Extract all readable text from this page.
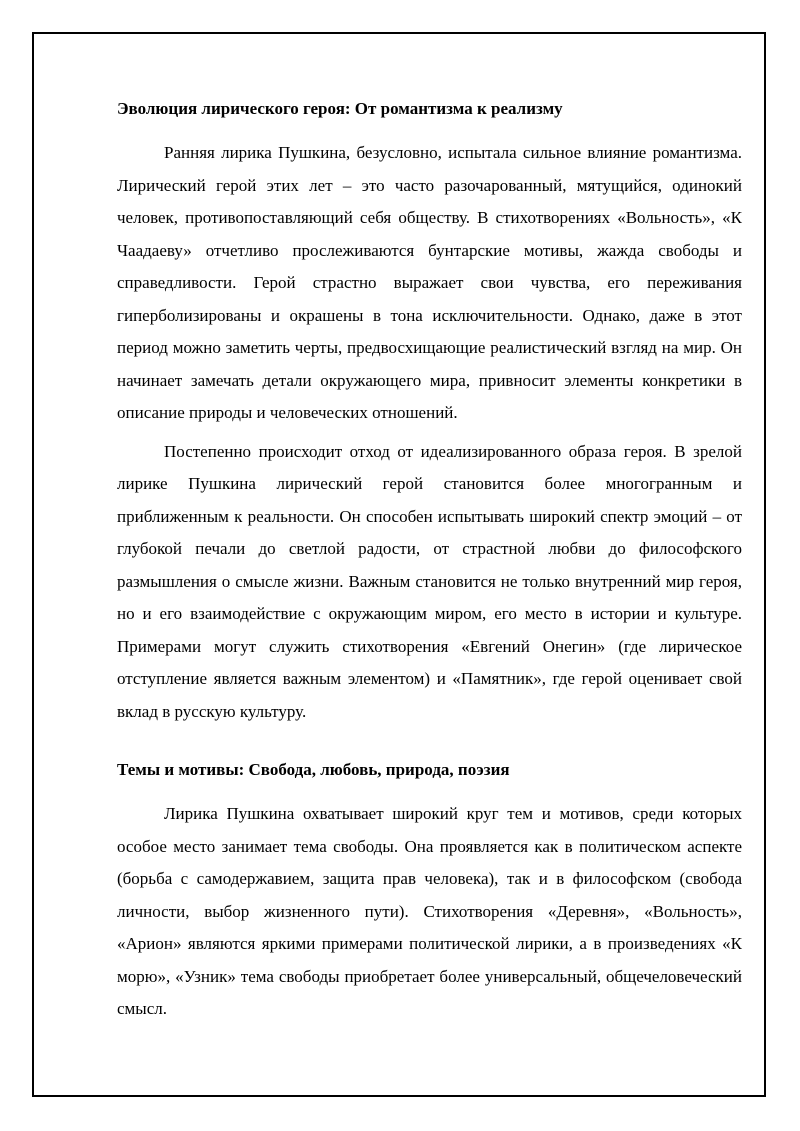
Эволюция лирического героя: От романтизма к реализму

Ранняя лирика Пушкина, безусловно, испытала сильное влияние романтизма. Лирический герой этих лет – это часто разочарованный, мятущийся, одинокий человек, противопоставляющий себя обществу. В стихотворениях «Вольность», «К Чаадаеву» отчетливо прослеживаются бунтарские мотивы, жажда свободы и справедливости. Герой страстно выражает свои чувства, его переживания гиперболизированы и окрашены в тона исключительности. Однако, даже в этот период можно заметить черты, предвосхищающие реалистический взгляд на мир. Он начинает замечать детали окружающего мира, привносит элементы конкретики в описание природы и человеческих отношений.

Постепенно происходит отход от идеализированного образа героя. В зрелой лирике Пушкина лирический герой становится более многогранным и приближенным к реальности. Он способен испытывать широкий спектр эмоций – от глубокой печали до светлой радости, от страстной любви до философского размышления о смысле жизни. Важным становится не только внутренний мир героя, но и его взаимодействие с окружающим миром, его место в истории и культуре. Примерами могут служить стихотворения «Евгений Онегин» (где лирическое отступление является важным элементом) и «Памятник», где герой оценивает свой вклад в русскую культуру.

Темы и мотивы: Свобода, любовь, природа, поэзия

Лирика Пушкина охватывает широкий круг тем и мотивов, среди которых особое место занимает тема свободы. Она проявляется как в политическом аспекте (борьба с самодержавием, защита прав человека), так и в философском (свобода личности, выбор жизненного пути). Стихотворения «Деревня», «Вольность», «Арион» являются яркими примерами политической лирики, а в произведениях «К морю», «Узник» тема свободы приобретает более универсальный, общечеловеческий смысл.
